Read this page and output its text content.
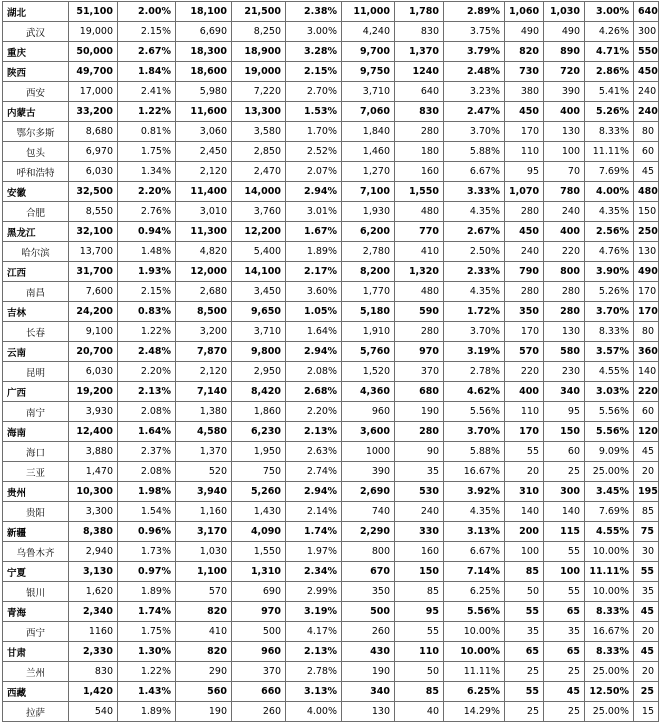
湖北	51,100	2.00%	18,100	21,500	2.38%	11,000	1,780	2.89%	1,060	1,030	3.00%	640
武汉	19,000	2.15%	6,690	8,250	3.00%	4,240	830	3.75%	490	490	4.26%	300
重庆	50,000	2.67%	18,300	18,900	3.28%	9,700	1,370	3.79%	820	890	4.71%	550
陕西	49,700	1.84%	18,600	19,000	2.15%	9,750	1240	2.48%	730	720	2.86%	450
西安	17,000	2.41%	5,980	7,220	2.70%	3,710	640	3.23%	380	390	5.41%	240
内蒙古	33,200	1.22%	11,600	13,300	1.53%	7,060	830	2.47%	450	400	5.26%	240
鄂尔多斯	8,680	0.81%	3,060	3,580	1.70%	1,840	280	3.70%	170	130	8.33%	80
包头	6,970	1.75%	2,450	2,850	2.52%	1,460	180	5.88%	110	100	11.11%	60
呼和浩特	6,030	1.34%	2,120	2,470	2.07%	1,270	160	6.67%	95	70	7.69%	45
安徽	32,500	2.20%	11,400	14,000	2.94%	7,100	1,550	3.33%	1,070	780	4.00%	480
合肥	8,550	2.76%	3,010	3,760	3.01%	1,930	480	4.35%	280	240	4.35%	150
黑龙江	32,100	0.94%	11,300	12,200	1.67%	6,200	770	2.67%	450	400	2.56%	250
哈尔滨	13,700	1.48%	4,820	5,400	1.89%	2,780	410	2.50%	240	220	4.76%	130
江西	31,700	1.93%	12,000	14,100	2.17%	8,200	1,320	2.33%	790	800	3.90%	490
南昌	7,600	2.15%	2,680	3,450	3.60%	1,770	480	4.35%	280	280	5.26%	170
吉林	24,200	0.83%	8,500	9,650	1.05%	5,180	590	1.72%	350	280	3.70%	170
长春	9,100	1.22%	3,200	3,710	1.64%	1,910	280	3.70%	170	130	8.33%	80
云南	20,700	2.48%	7,870	9,800	2.94%	5,760	970	3.19%	570	580	3.57%	360
昆明	6,030	2.20%	2,120	2,950	2.08%	1,520	370	2.78%	220	230	4.55%	140
广西	19,200	2.13%	7,140	8,420	2.68%	4,360	680	4.62%	400	340	3.03%	220
南宁	3,930	2.08%	1,380	1,860	2.20%	960	190	5.56%	110	95	5.56%	60
海南	12,400	1.64%	4,580	6,230	2.13%	3,600	280	3.70%	170	150	5.56%	120
海口	3,880	2.37%	1,370	1,950	2.63%	1000	90	5.88%	55	60	9.09%	45
三亚	1,470	2.08%	520	750	2.74%	390	35	16.67%	20	25	25.00%	20
贵州	10,300	1.98%	3,940	5,260	2.94%	2,690	530	3.92%	310	300	3.45%	195
贵阳	3,300	1.54%	1,160	1,430	2.14%	740	240	4.35%	140	140	7.69%	85
新疆	8,380	0.96%	3,170	4,090	1.74%	2,290	330	3.13%	200	115	4.55%	75
乌鲁木齐	2,940	1.73%	1,030	1,550	1.97%	800	160	6.67%	100	55	10.00%	30
宁夏	3,130	0.97%	1,100	1,310	2.34%	670	150	7.14%	85	100	11.11%	55
银川	1,620	1.89%	570	690	2.99%	350	85	6.25%	50	55	10.00%	35
青海	2,340	1.74%	820	970	3.19%	500	95	5.56%	55	65	8.33%	45
西宁	1160	1.75%	410	500	4.17%	260	55	10.00%	35	35	16.67%	20
甘肃	2,330	1.30%	820	960	2.13%	430	110	10.00%	65	65	8.33%	45
兰州	830	1.22%	290	370	2.78%	190	50	11.11%	25	25	25.00%	20
西藏	1,420	1.43%	560	660	3.13%	340	85	6.25%	55	45	12.50%	25
拉萨	540	1.89%	190	260	4.00%	130	40	14.29%	25	25	25.00%	15
